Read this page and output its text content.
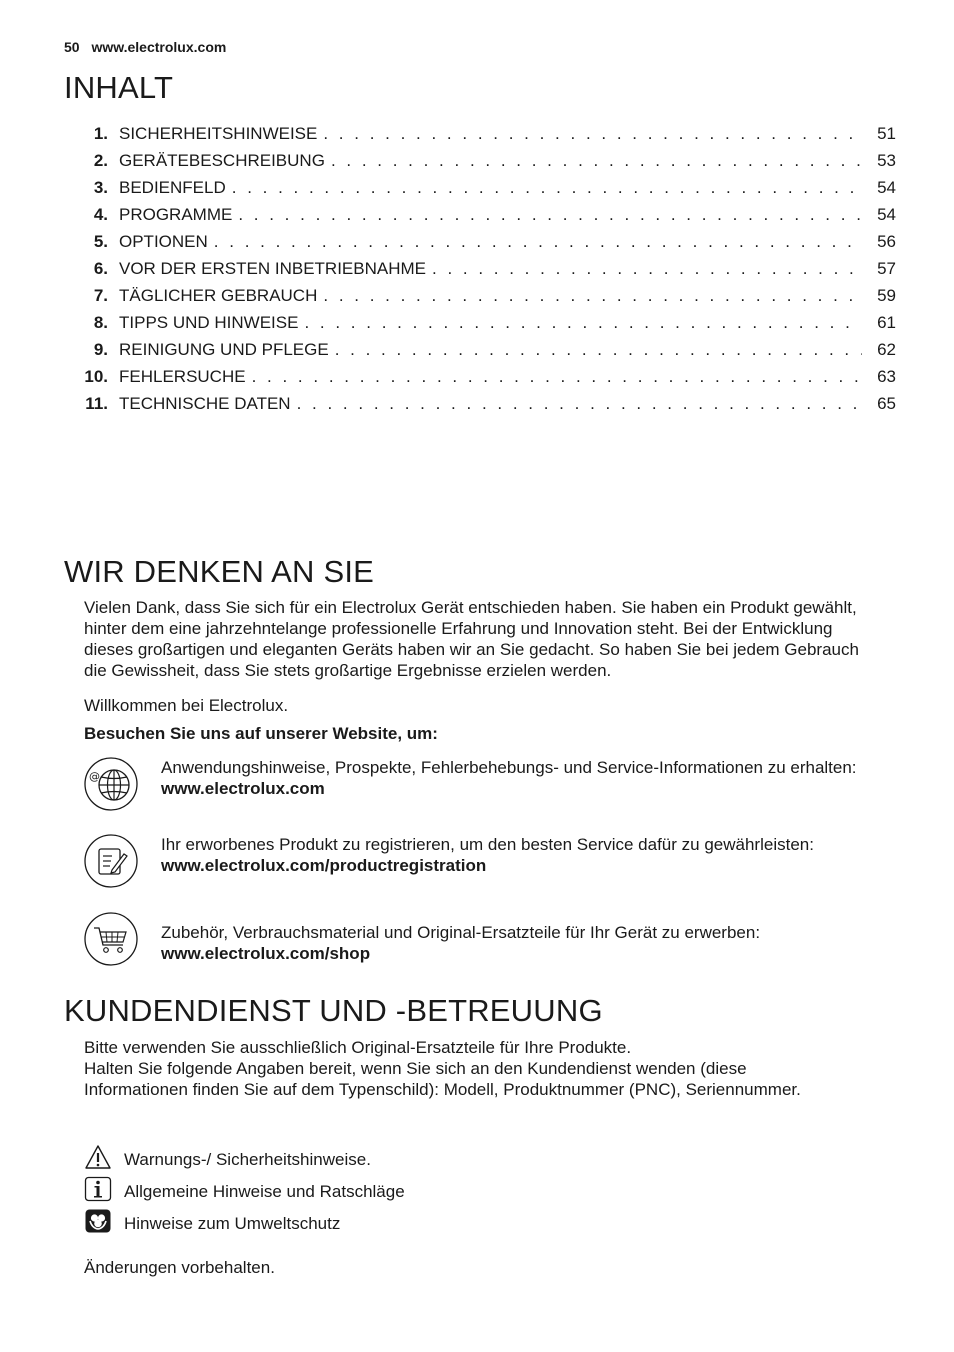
50 www.electrolux.com
INHALT
1. SICHERHEITSHINWEISE . . .	51
2. GERÄTEBESCHREIBUNG . . .	53
3. BEDIENFELD . . .	54
4. PROGRAMME . . .	54
5. OPTIONEN . . .	56
6. VOR DER ERSTEN INBETRIEBNAHME . . .	57
7. TÄGLICHER GEBRAUCH . . .	59
8. TIPPS UND HINWEISE . . .	61
9. REINIGUNG UND PFLEGE . . .	62
10. FEHLERSUCHE . . .	63
11. TECHNISCHE DATEN . . .	65
WIR DENKEN AN SIE
Vielen Dank, dass Sie sich für ein Electrolux Gerät entschieden haben. Sie haben ein Produkt gewählt, hinter dem eine jahrzehntelange professionelle Erfahrung und Innovation steht. Bei der Entwicklung dieses großartigen und eleganten Geräts haben wir an Sie gedacht. So haben Sie bei jedem Gebrauch die Gewissheit, dass Sie stets großartige Ergebnisse erzielen werden.
Willkommen bei Electrolux.
Besuchen Sie uns auf unserer Website, um:
@	Anwendungshinweise, Prospekte, Fehlerbehebungs- und Service-Informationen zu erhalten:
www.electrolux.com
Ihr erworbenes Produkt zu registrieren, um den besten Service dafür zu gewährleisten:
www.electrolux.com/productregistration
Zubehör, Verbrauchsmaterial und Original-Ersatzteile für Ihr Gerät zu erwerben:
www.electrolux.com/shop
KUNDENDIENST UND -BETREUUNG
Bitte verwenden Sie ausschließlich Original-Ersatzteile für Ihre Produkte.
Halten Sie folgende Angaben bereit, wenn Sie sich an den Kundendienst wenden (diese Informationen finden Sie auf dem Typenschild): Modell, Produktnummer (PNC), Seriennummer.
Warnungs-/ Sicherheitshinweise.
Allgemeine Hinweise und Ratschläge
Hinweise zum Umweltschutz
Änderungen vorbehalten.
